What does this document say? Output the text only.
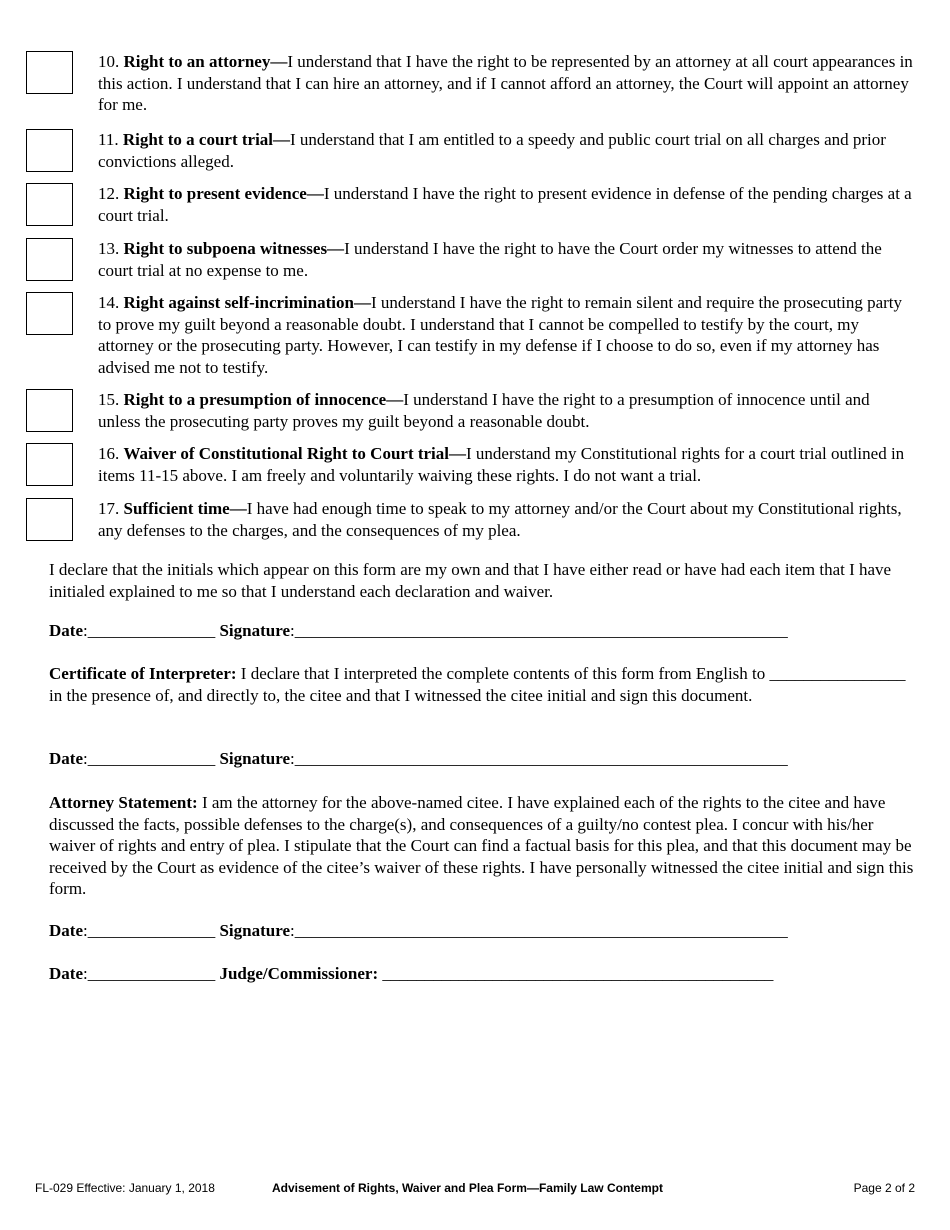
10. Right to an attorney—I understand that I have the right to be represented by an attorney at all court appearances in this action. I understand that I can hire an attorney, and if I cannot afford an attorney, the Court will appoint an attorney for me.

11. Right to a court trial—I understand that I am entitled to a speedy and public court trial on all charges and prior convictions alleged.

12. Right to present evidence—I understand I have the right to present evidence in defense of the pending charges at a court trial.

13. Right to subpoena witnesses—I understand I have the right to have the Court order my witnesses to attend the court trial at no expense to me.

14. Right against self-incrimination—I understand I have the right to remain silent and require the prosecuting party to prove my guilt beyond a reasonable doubt. I understand that I cannot be compelled to testify by the court, my attorney or the prosecuting party. However, I can testify in my defense if I choose to do so, even if my attorney has advised me not to testify.

15. Right to a presumption of innocence—I understand I have the right to a presumption of innocence until and unless the prosecuting party proves my guilt beyond a reasonable doubt.

16. Waiver of Constitutional Right to Court trial—I understand my Constitutional rights for a court trial outlined in items 11-15 above. I am freely and voluntarily waiving these rights. I do not want a trial.

17. Sufficient time—I have had enough time to speak to my attorney and/or the Court about my Constitutional rights, any defenses to the charges, and the consequences of my plea.

I declare that the initials which appear on this form are my own and that I have either read or have had each item that I have initialed explained to me so that I understand each declaration and waiver.

Date:_______________ Signature:__________________________________________________________

Certificate of Interpreter: I declare that I interpreted the complete contents of this form from English to ________________ in the presence of, and directly to, the citee and that I witnessed the citee initial and sign this document.

Date:_______________ Signature:__________________________________________________________

Attorney Statement: I am the attorney for the above-named citee. I have explained each of the rights to the citee and have discussed the facts, possible defenses to the charge(s), and consequences of a guilty/no contest plea. I concur with his/her waiver of rights and entry of plea. I stipulate that the Court can find a factual basis for this plea, and that this document may be received by the Court as evidence of the citee’s waiver of these rights. I have personally witnessed the citee initial and sign this form.

Date:_______________ Signature:__________________________________________________________

Date:_______________ Judge/Commissioner: ______________________________________________

FL-029 Effective: January 1, 2018	Advisement of Rights, Waiver and Plea Form—Family Law Contempt	Page 2 of 2
